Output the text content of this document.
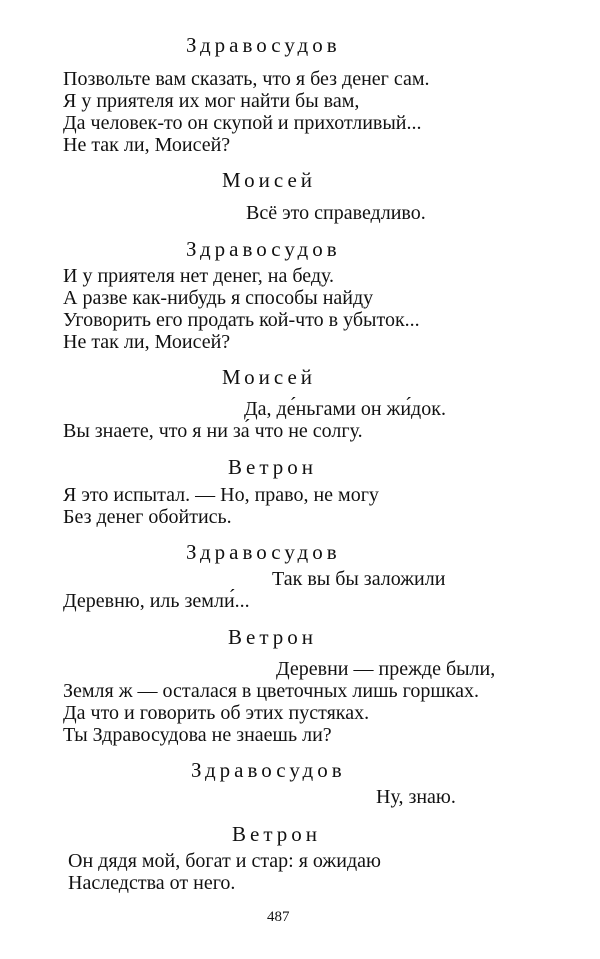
Здравосудов
Позвольте вам сказать, что я без денег сам.
Я у приятеля их мог найти бы вам,
Да человек-то он скупой и прихотливый...
Не так ли, Моисей?
Моисей
Всё это справедливо.
Здравосудов
И у приятеля нет денег, на беду.
А разве как-нибудь я способы найду
Уговорить его продать кой-что в убыток...
Не так ли, Моисей?
Моисей
Да, де́ньгами он жи́док.
Вы знаете, что я ни за́ что не солгу.
Ветрон
Я это испытал. — Но, право, не могу
Без денег обойтись.
Здравосудов
Так вы бы заложили
Деревню, иль земли́...
Ветрон
Деревни — прежде были,
Земля ж — осталася в цветочных лишь горшках.
Да что и говорить об этих пустяках.
Ты Здравосудова не знаешь ли?
Здравосудов
Ну, знаю.
Ветрон
Он дядя мой, богат и стар: я ожидаю
Наследства от него.
487
